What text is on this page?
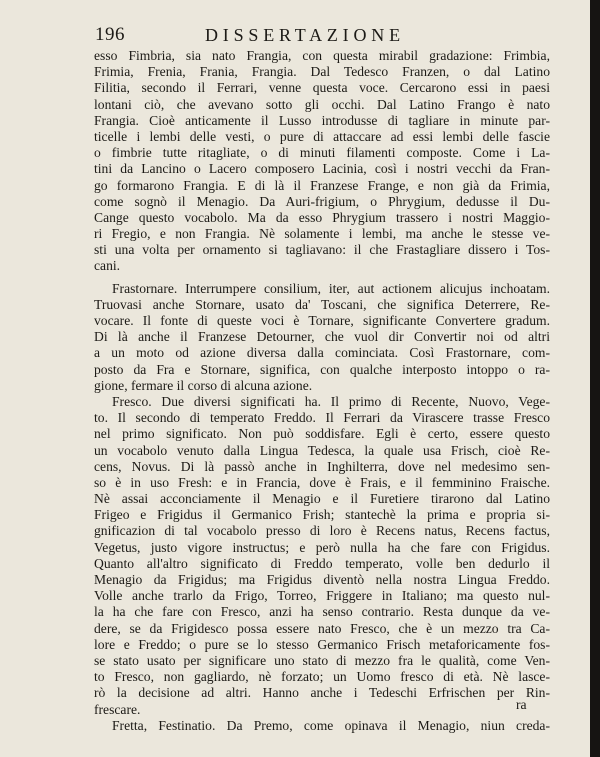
196	DISSERTAZIONE
esso Fimbria, sia nato Frangia, con questa mirabil gradazione: Frimbia,
Frimia, Frenia, Frania, Frangia. Dal Tedesco Franzen, o dal Latino
Filitia, secondo il Ferrari, venne questa voce. Cercarono essi in paesi
lontani ciò, che avevano sotto gli occhi. Dal Latino Frango è nato
Frangia. Cioè anticamente il Lusso introdusse di tagliare in minute par-
ticelle i lembi delle vesti, o pure di attaccare ad essi lembi delle fascie
o fimbrie tutte ritagliate, o di minuti filamenti composte. Come i La-
tini da Lancino o Lacero composero Lacinia, così i nostri vecchi da Fran-
go formarono Frangia. E di là il Franzese Frange, e non già da Frimia,
come sognò il Menagio. Da Auri-frigium, o Phrygium, dedusse il Du-
Cange questo vocabolo. Ma da esso Phrygium trassero i nostri Maggio-
ri Fregio, e non Frangia. Nè solamente i lembi, ma anche le stesse ve-
sti una volta per ornamento si tagliavano: il che Frastagliare dissero i Tos-
cani.
Frastornare. Interrumpere consilium, iter, aut actionem alicujus inchoatam.
Truovasi anche Stornare, usato da' Toscani, che significa Deterrere, Re-
vocare. Il fonte di queste voci è Tornare, significante Convertere gradum.
Di là anche il Franzese Detourner, che vuol dir Convertir noi od altri
a un moto od azione diversa dalla cominciata. Così Frastornare, com-
posto da Fra e Stornare, significa, con qualche interposto intoppo o ra-
gione, fermare il corso di alcuna azione.
Fresco. Due diversi significati ha. Il primo di Recente, Nuovo, Vege-
to. Il secondo di temperato Freddo. Il Ferrari da Virascere trasse Fresco
nel primo significato. Non può soddisfare. Egli è certo, essere questo
un vocabolo venuto dalla Lingua Tedesca, la quale usa Frisch, cioè Re-
cens, Novus. Di là passò anche in Inghilterra, dove nel medesimo sen-
so è in uso Fresh: e in Francia, dove è Frais, e il femminino Fraische.
Nè assai acconciamente il Menagio e il Furetiere tirarono dal Latino
Frigeo e Frigidus il Germanico Frish; stantechè la prima e propria si-
gnificazion di tal vocabolo presso di loro è Recens natus, Recens factus,
Vegetus, justo vigore instructus; e però nulla ha che fare con Frigidus.
Quanto all'altro significato di Freddo temperato, volle ben dedurlo il
Menagio da Frigidus; ma Frigidus diventò nella nostra Lingua Freddo.
Volle anche trarlo da Frigo, Torreo, Friggere in Italiano; ma questo nul-
la ha che fare con Fresco, anzi ha senso contrario. Resta dunque da ve-
dere, se da Frigidesco possa essere nato Fresco, che è un mezzo tra Ca-
lore e Freddo; o pure se lo stesso Germanico Frisch metaforicamente fos-
se stato usato per significare uno stato di mezzo fra le qualità, come Ven-
to Fresco, non gagliardo, nè forzato; un Uomo fresco di età. Nè lasce-
rò la decisione ad altri. Hanno anche i Tedeschi Erfrischen per Rin-
frescare.
Fretta, Festinatio. Da Premo, come opinava il Menagio, niun creda-
ra
